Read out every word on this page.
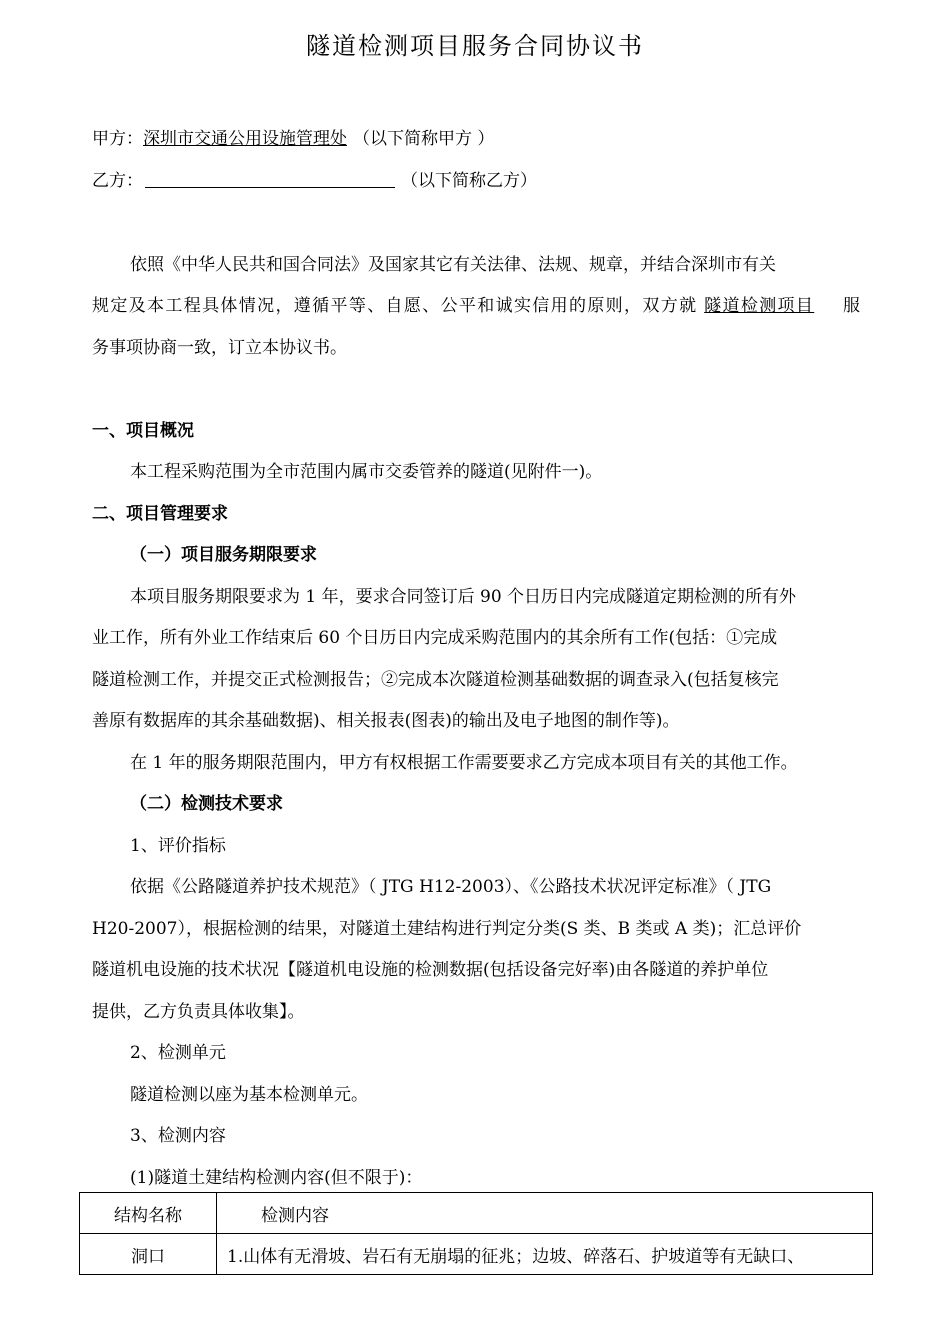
隧道检测项目服务合同协议书
甲方：深圳市交通公用设施管理处 （以下简称甲方 ）
乙方：	（以下简称乙方）
依照《中华人民共和国合同法》及国家其它有关法律、法规、规章，并结合深圳市有关
规定及本工程具体情况，遵循平等、自愿、公平和诚实信用的原则，双方就 隧道检测项目 服
务事项协商一致，订立本协议书。
一、项目概况
本工程采购范围为全市范围内属市交委管养的隧道(见附件一)。
二、项目管理要求
（一）项目服务期限要求
本项目服务期限要求为 1 年，要求合同签订后 90 个日历日内完成隧道定期检测的所有外
业工作，所有外业工作结束后 60 个日历日内完成采购范围内的其余所有工作(包括：①完成
隧道检测工作，并提交正式检测报告；②完成本次隧道检测基础数据的调查录入(包括复核完
善原有数据库的其余基础数据)、相关报表(图表)的输出及电子地图的制作等)。
在 1 年的服务期限范围内，甲方有权根据工作需要要求乙方完成本项目有关的其他工作。
（二）检测技术要求
1、评价指标
依据《公路隧道养护技术规范》（ JTG H12-2003）、《公路技术状况评定标准》（ JTG
H20-2007），根据检测的结果，对隧道土建结构进行判定分类(S 类、B 类或 A 类)；汇总评价
隧道机电设施的技术状况【隧道机电设施的检测数据(包括设备完好率)由各隧道的养护单位
提供，乙方负责具体收集】。
2、检测单元
隧道检测以座为基本检测单元。
3、检测内容
(1)隧道土建结构检测内容(但不限于)：
结构名称	检测内容
洞口	1.山体有无滑坡、岩石有无崩塌的征兆；边坡、碎落石、护坡道等有无缺口、
